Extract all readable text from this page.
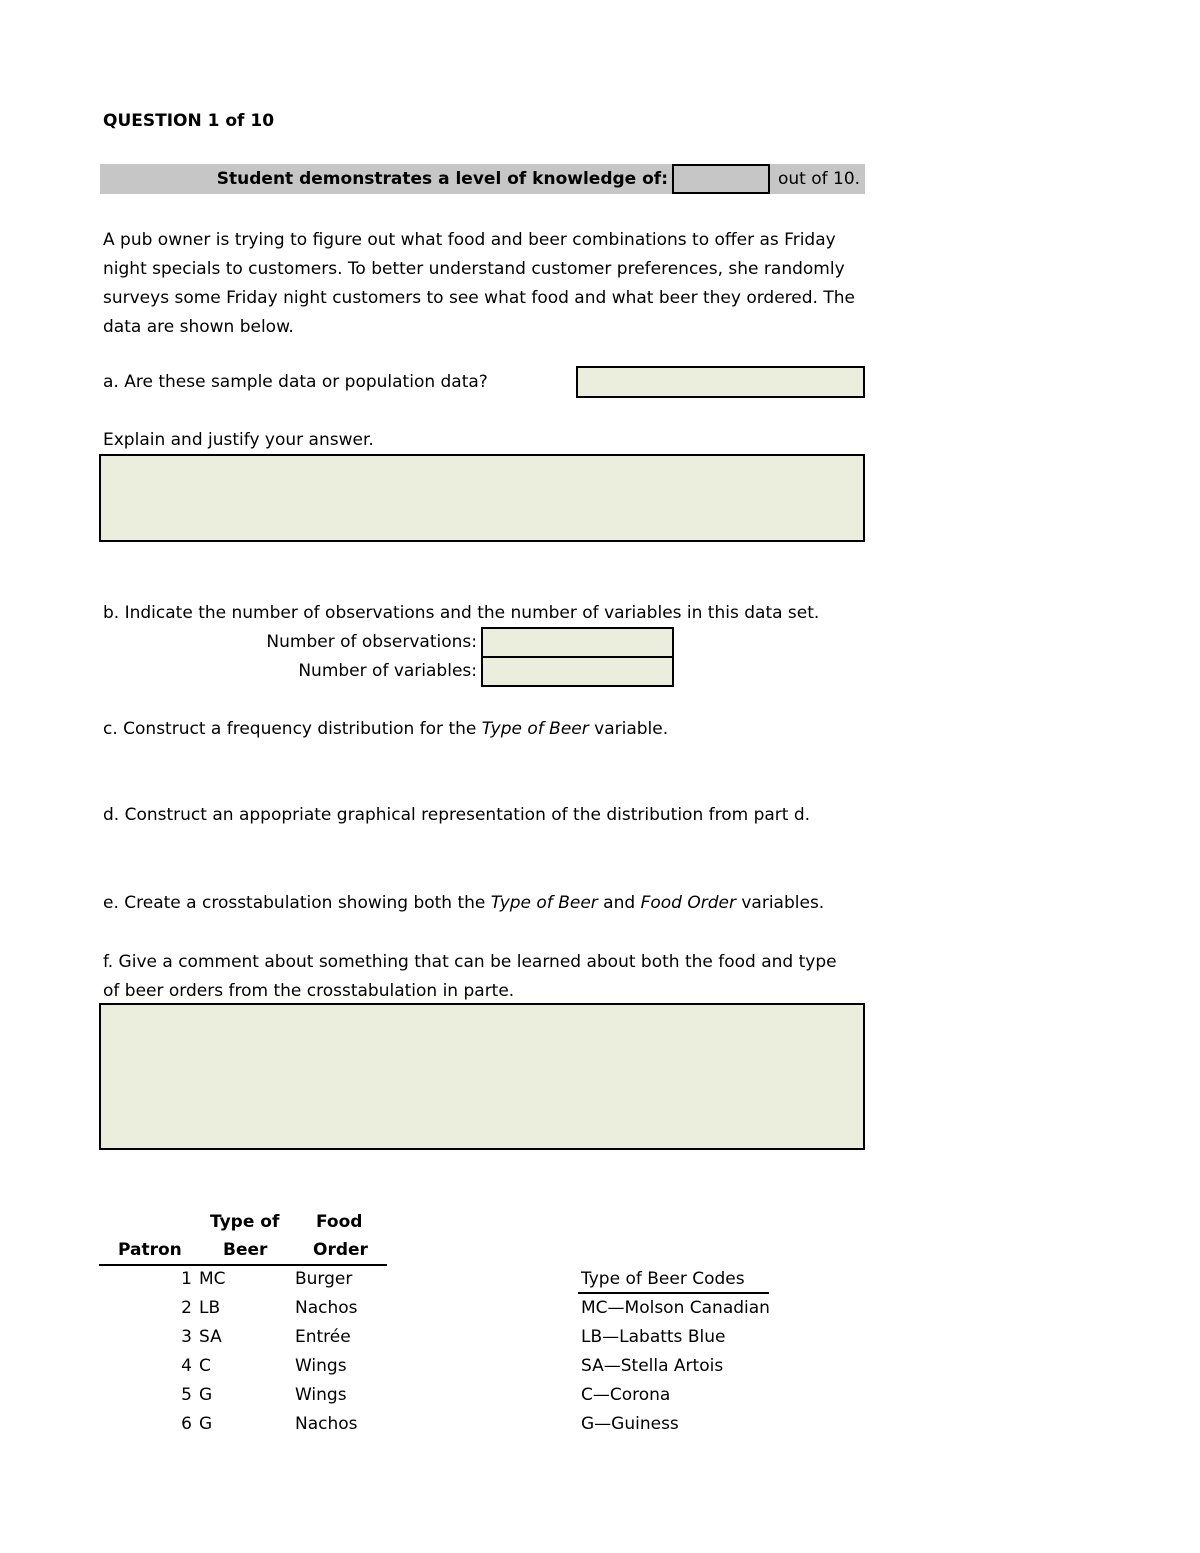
QUESTION 1 of 10
Student demonstrates a level of knowledge of:	out of 10.
A pub owner is trying to figure out what food and beer combinations to offer as Friday night specials to customers. To better understand customer preferences, she randomly surveys some Friday night customers to see what food and what beer they ordered. The data are shown below.
a. Are these sample data or population data?
Explain and justify your answer.
b. Indicate the number of observations and the number of variables in this data set.
Number of observations:
Number of variables:
c. Construct a frequency distribution for the Type of Beer variable.
d. Construct an appopriate graphical representation of the distribution from part d.
e. Create a crosstabulation showing both the Type of Beer and Food Order variables.
f. Give a comment about something that can be learned about both the food and type
of beer orders from the crosstabulation in parte.
Type of Food
Patron Beer	Order
1 MC	Burger
2 LB	Nachos
3 SA	Entrée
4 C	Wings
5 G	Wings
6 G	Nachos
Type of Beer Codes
MC—Molson Canadian
LB—Labatts Blue
SA—Stella Artois
C—Corona
G—Guiness
